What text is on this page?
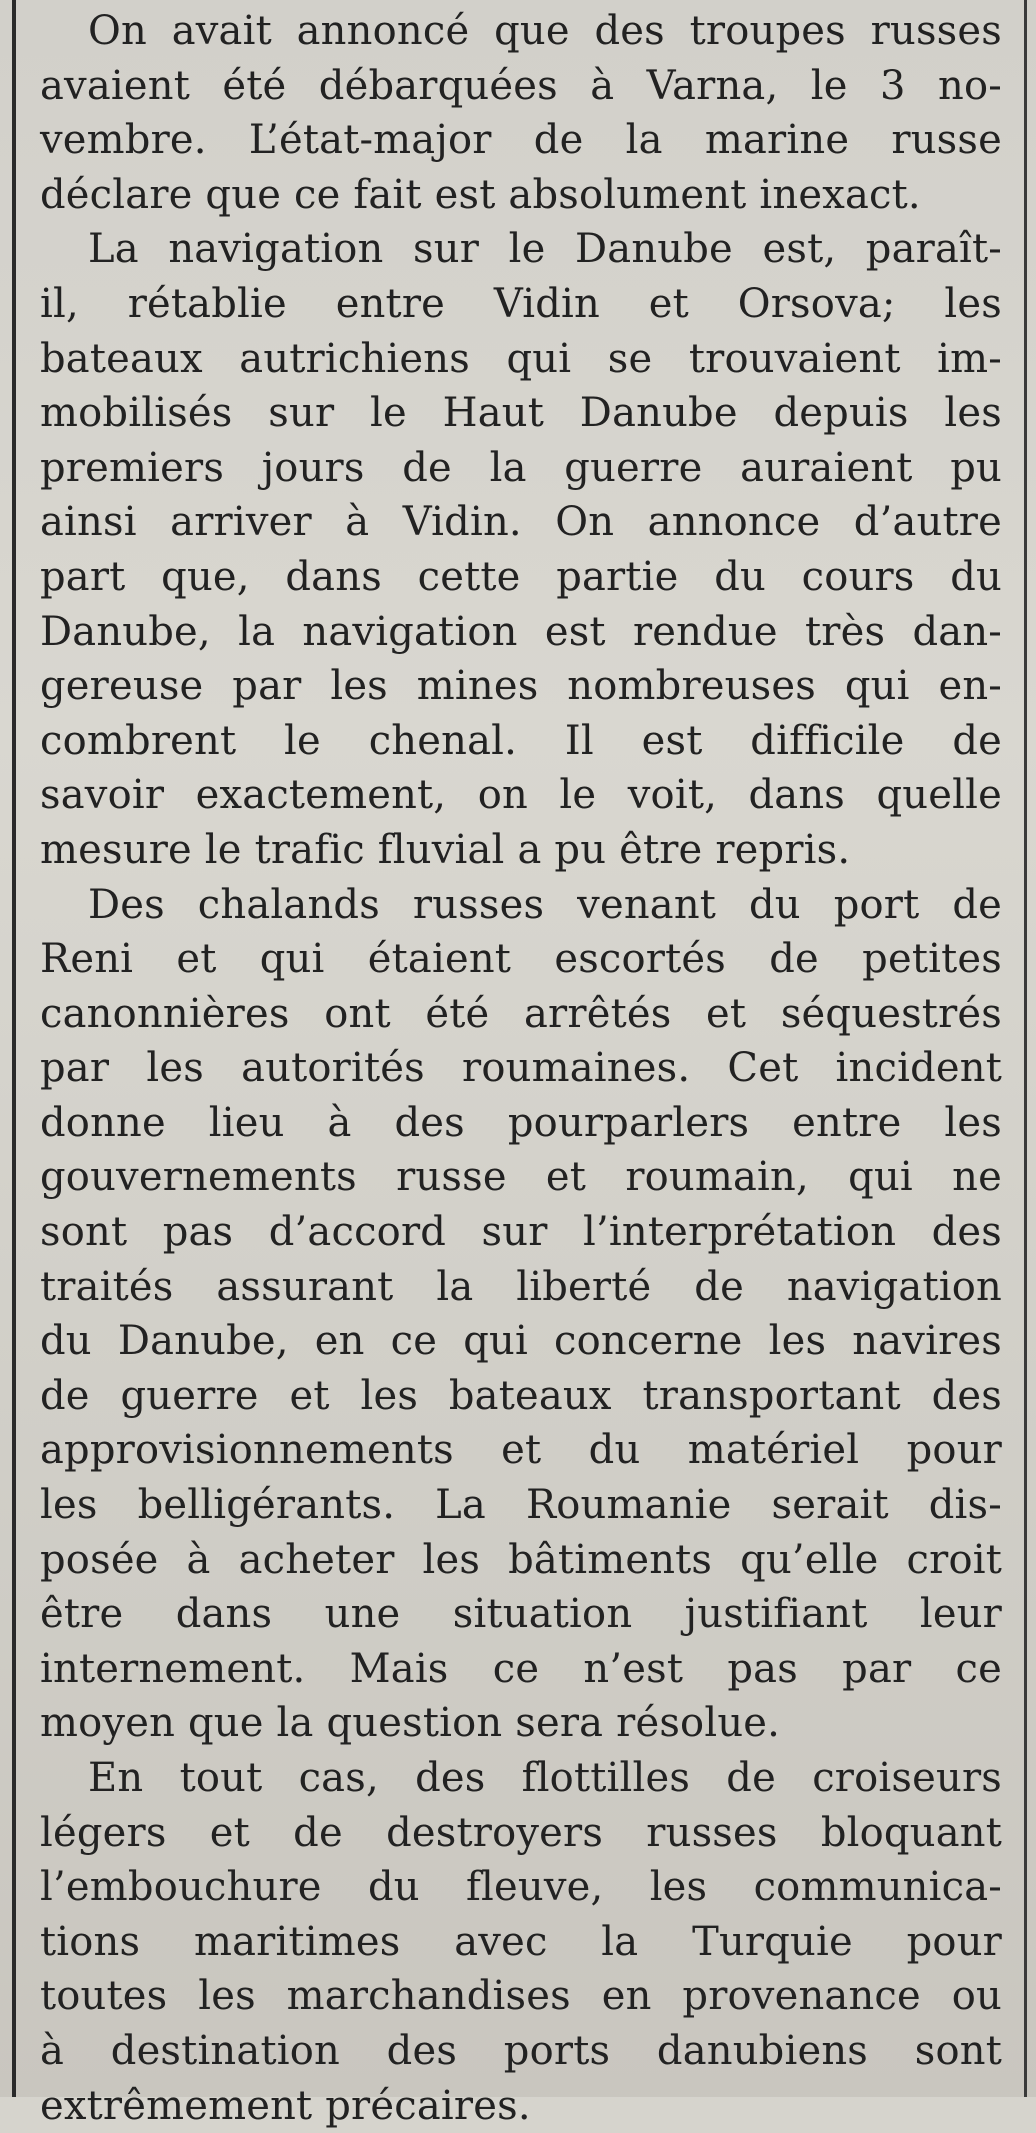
On avait annoncé que des troupes russes
avaient été débarquées à Varna, le 3 no-
vembre. L’état-major de la marine russe
déclare que ce fait est absolument inexact.
La navigation sur le Danube est, paraît-
il, rétablie entre Vidin et Orsova; les
bateaux autrichiens qui se trouvaient im-
mobilisés sur le Haut Danube depuis les
premiers jours de la guerre auraient pu
ainsi arriver à Vidin. On annonce d’autre
part que, dans cette partie du cours du
Danube, la navigation est rendue très dan-
gereuse par les mines nombreuses qui en-
combrent le chenal. Il est difficile de
savoir exactement, on le voit, dans quelle
mesure le trafic fluvial a pu être repris.
Des chalands russes venant du port de
Reni et qui étaient escortés de petites
canonnières ont été arrêtés et séquestrés
par les autorités roumaines. Cet incident
donne lieu à des pourparlers entre les
gouvernements russe et roumain, qui ne
sont pas d’accord sur l’interprétation des
traités assurant la liberté de navigation
du Danube, en ce qui concerne les navires
de guerre et les bateaux transportant des
approvisionnements et du matériel pour
les belligérants. La Roumanie serait dis-
posée à acheter les bâtiments qu’elle croit
être dans une situation justifiant leur
internement. Mais ce n’est pas par ce
moyen que la question sera résolue.
En tout cas, des flottilles de croiseurs
légers et de destroyers russes bloquant
l’embouchure du fleuve, les communica-
tions maritimes avec la Turquie pour
toutes les marchandises en provenance ou
à destination des ports danubiens sont
extrêmement précaires.
